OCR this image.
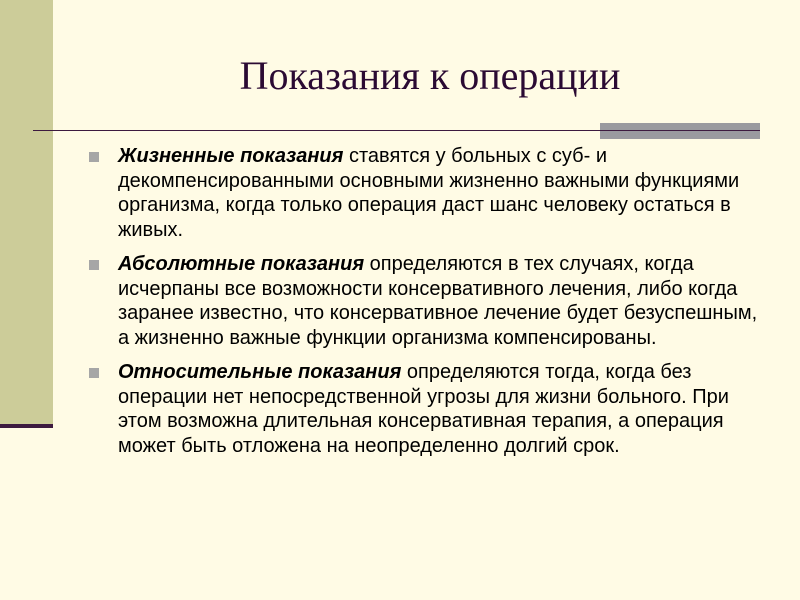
Показания к операции
Жизненные показания ставятся у больных с суб- и декомпенсированными основными жизненно важными функциями организма, когда только операция даст шанс человеку остаться в живых.
Абсолютные показания определяются в тех случаях, когда исчерпаны все возможности консервативного лечения, либо когда заранее известно, что консервативное лечение будет безуспешным, а жизненно важные функции организма компенсированы.
Относительные показания определяются тогда, когда без операции нет непосредственной угрозы для жизни больного. При этом возможна длительная консервативная терапия, а операция может быть отложена на неопределенно долгий срок.
